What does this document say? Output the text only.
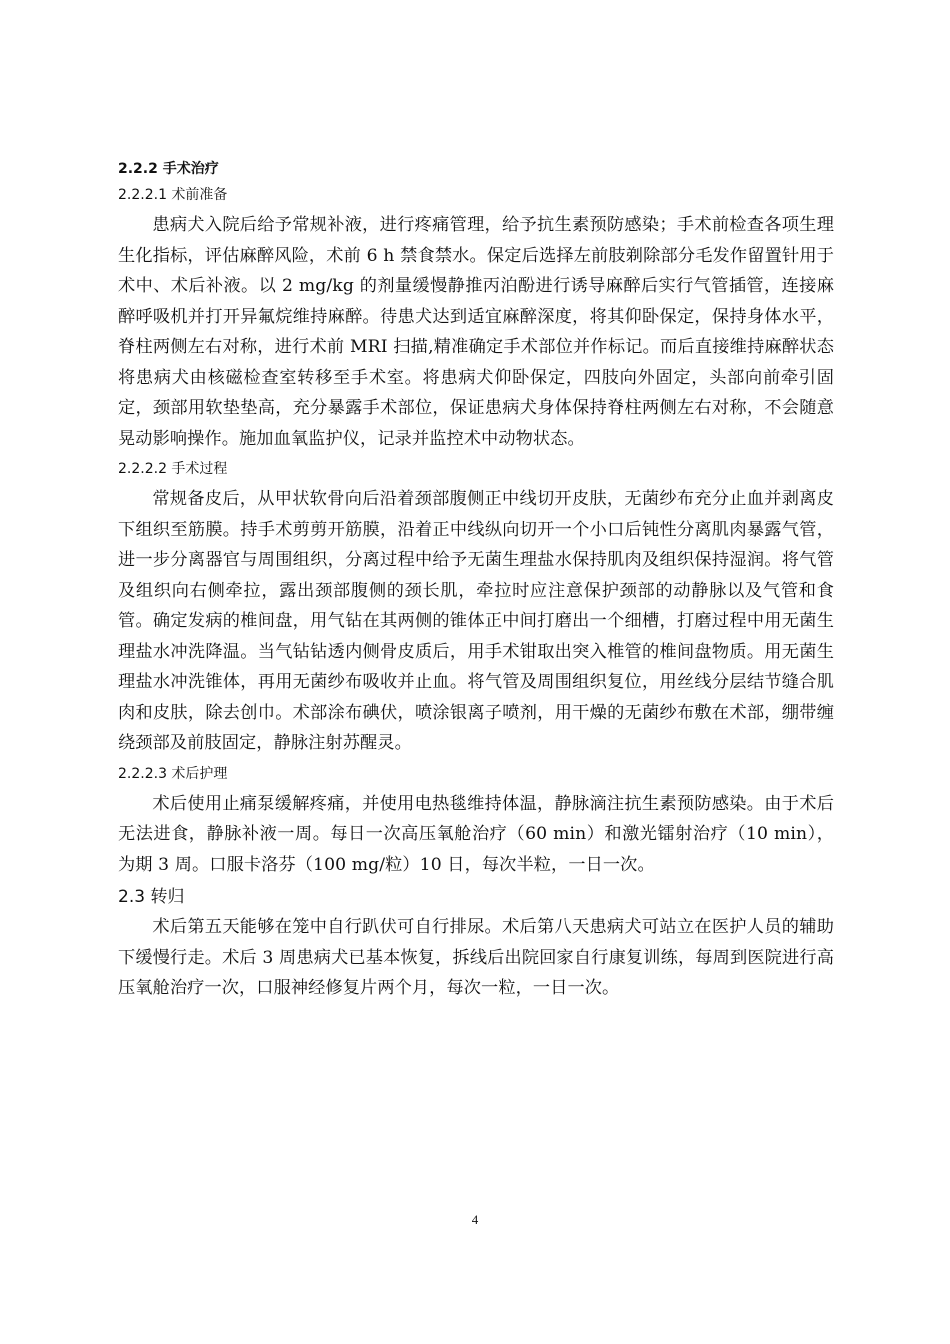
2.2.2 手术治疗
2.2.2.1 术前准备

患病犬入院后给予常规补液，进行疼痛管理，给予抗生素预防感染；手术前检查各项生理生化指标，评估麻醉风险，术前 6 h 禁食禁水。保定后选择左前肢剃除部分毛发作留置针用于术中、术后补液。以 2 mg/kg 的剂量缓慢静推丙泊酚进行诱导麻醉后实行气管插管，连接麻醉呼吸机并打开异氟烷维持麻醉。待患犬达到适宜麻醉深度，将其仰卧保定，保持身体水平，脊柱两侧左右对称，进行术前 MRI 扫描,精准确定手术部位并作标记。而后直接维持麻醉状态将患病犬由核磁检查室转移至手术室。将患病犬仰卧保定，四肢向外固定，头部向前牵引固定，颈部用软垫垫高，充分暴露手术部位，保证患病犬身体保持脊柱两侧左右对称，不会随意晃动影响操作。施加血氧监护仪，记录并监控术中动物状态。

2.2.2.2 手术过程

常规备皮后，从甲状软骨向后沿着颈部腹侧正中线切开皮肤，无菌纱布充分止血并剥离皮下组织至筋膜。持手术剪剪开筋膜，沿着正中线纵向切开一个小口后钝性分离肌肉暴露气管，进一步分离器官与周围组织，分离过程中给予无菌生理盐水保持肌肉及组织保持湿润。将气管及组织向右侧牵拉，露出颈部腹侧的颈长肌，牵拉时应注意保护颈部的动静脉以及气管和食管。确定发病的椎间盘，用气钻在其两侧的锥体正中间打磨出一个细槽，打磨过程中用无菌生理盐水冲洗降温。当气钻钻透内侧骨皮质后，用手术钳取出突入椎管的椎间盘物质。用无菌生理盐水冲洗锥体，再用无菌纱布吸收并止血。将气管及周围组织复位，用丝线分层结节缝合肌肉和皮肤，除去创巾。术部涂布碘伏，喷涂银离子喷剂，用干燥的无菌纱布敷在术部，绷带缠绕颈部及前肢固定，静脉注射苏醒灵。

2.2.2.3 术后护理

术后使用止痛泵缓解疼痛，并使用电热毯维持体温，静脉滴注抗生素预防感染。由于术后无法进食，静脉补液一周。每日一次高压氧舱治疗（60 min）和激光镭射治疗（10 min），为期 3 周。口服卡洛芬（100 mg/粒）10 日，每次半粒，一日一次。

2.3 转归

术后第五天能够在笼中自行趴伏可自行排尿。术后第八天患病犬可站立在医护人员的辅助下缓慢行走。术后 3 周患病犬已基本恢复，拆线后出院回家自行康复训练，每周到医院进行高压氧舱治疗一次，口服神经修复片两个月，每次一粒，一日一次。

4
